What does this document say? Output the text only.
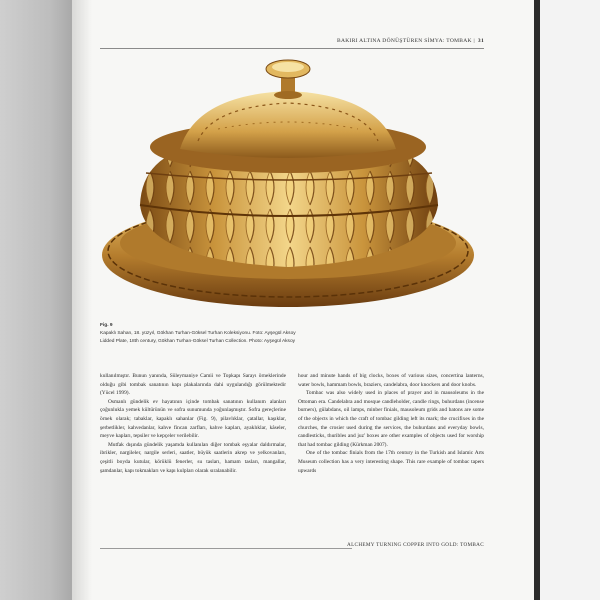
BAKIRI ALTINA DÖNÜŞTÜREN SİMYA: TOMBAK | 31
Fig. 9
Kapaklı Sahan, 18. yüzyıl, Gökhan Turhan-Göksel Turhan Koleksiyonu. Foto: Ayşegül Aksoy
Lidded Plate, 18th century, Gökhan Turhan-Göksel Turhan Collection. Photo: Ayşegül Aksoy

kullanılmıştır. Bunun yanında, Süleymaniye Camii ve Topkapı Sarayı örneklerinde olduğu gibi tombak sanatının kapı plakalarında dahi uygulandığı görülmektedir (Yücel 1999).

Osmanlı gündelik ev hayatının içinde tombak sanatının kullanım alanları çoğunlukla yemek kültürünün ve sofra sunumunda yoğunlaşmıştır. Sofra gereçlerine örnek olarak; tabaklar, kapaklı sahanlar (Fig. 9), pilavlıklar, çatallar, kaşıklar, şerbetlikler, kahvedanlar, kahve fincan zarfları, kahve kapları, ayaklıklar, kâseler, meyve kapları, tepsiler ve kepçeler verilebilir.

Mutfak dışında gündelik yaşamda kullanılan diğer tombak eşyalar daldırmalar, ibrikler, nargileler, nargile serleri, saatler, büyük saatlerin akrep ve yelkovanları, çeşitli boyda kutular, körüklü fenerler, su tasları, hamam tasları, mangallar, şamdanlar, kapı tokmakları ve kapı kulpları olarak sıralanabilir.

hour and minute hands of big clocks, boxes of various sizes, concertina lanterns, water bowls, hammam bowls, braziers, candelabra, door knockers and door knobs.

Tombac was also widely used in places of prayer and in mausoleums in the Ottoman era. Candelabra and mosque candleholder, candle rings, buhurdans (incense burners), gülabdans, oil lamps, minber finials, mausoleum grids and batons are some of the objects in which the craft of tombac gilding left its mark; the crucifixes in the churches, the crosier used during the services, the buhurdans and everyday bowls, candlesticks, thuribles and juz' boxes are other examples of objects used for worship that had tombac gilding (Kürkman 2007).

One of the tombac finials from the 17th century in the Turkish and Islamic Arts Museum collection has a very interesting shape. This rare example of tombac tapers upwards

ALCHEMY TURNING COPPER INTO GOLD: TOMBAC
